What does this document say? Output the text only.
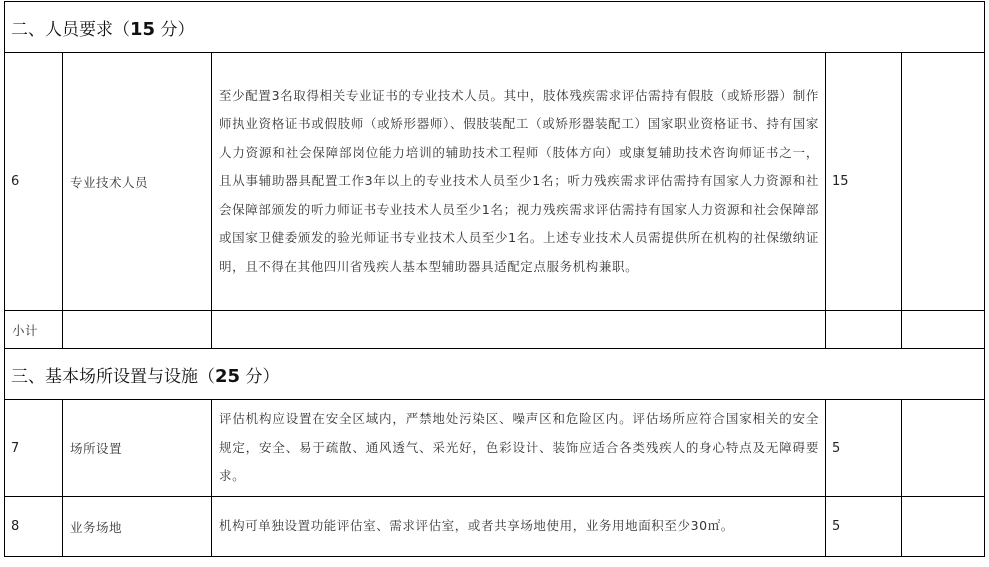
二、人员要求（15 分）				
6	专业技术人员	至少配置3名取得相关专业证书的专业技术人员。其中，肢体残疾需求评估需持有假肢（或矫形器）制作师执业资格证书或假肢师（或矫形器师）、假肢装配工（或矫形器装配工）国家职业资格证书、持有国家人力资源和社会保障部岗位能力培训的辅助技术工程师（肢体方向）或康复辅助技术咨询师证书之一，且从事辅助器具配置工作3年以上的专业技术人员至少1名；听力残疾需求评估需持有国家人力资源和社会保障部颁发的听力师证书专业技术人员至少1名；视力残疾需求评估需持有国家人力资源和社会保障部或国家卫健委颁发的验光师证书专业技术人员至少1名。上述专业技术人员需提供所在机构的社保缴纳证明，且不得在其他四川省残疾人基本型辅助器具适配定点服务机构兼职。	15	
小计				
三、基本场所设置与设施（25 分）				
7	场所设置	评估机构应设置在安全区域内，严禁地处污染区、噪声区和危险区内。评估场所应符合国家相关的安全规定，安全、易于疏散、通风透气、采光好，色彩设计、装饰应适合各类残疾人的身心特点及无障碍要求。	5	
8	业务场地	机构可单独设置功能评估室、需求评估室，或者共享场地使用，业务用地面积至少30㎡。	5	
